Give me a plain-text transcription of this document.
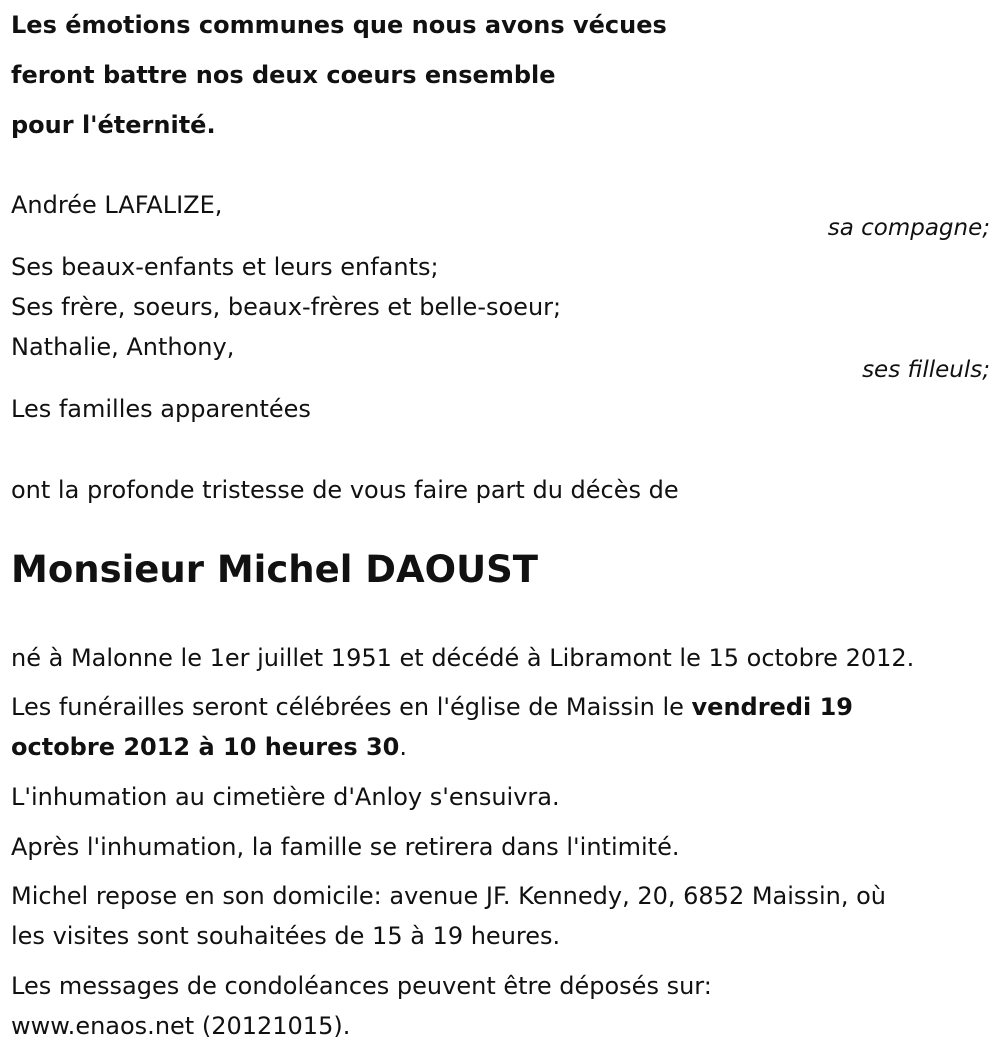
Les émotions communes que nous avons vécues
feront battre nos deux coeurs ensemble
pour l'éternité.
Andrée LAFALIZE,
sa compagne;
Ses beaux-enfants et leurs enfants;
Ses frère, soeurs, beaux-frères et belle-soeur;
Nathalie, Anthony,
ses filleuls;
Les familles apparentées
ont la profonde tristesse de vous faire part du décès de
Monsieur Michel DAOUST
né à Malonne le 1er juillet 1951 et décédé à Libramont le 15 octobre 2012.
Les funérailles seront célébrées en l'église de Maissin le vendredi 19
octobre 2012 à 10 heures 30.
L'inhumation au cimetière d'Anloy s'ensuivra.
Après l'inhumation, la famille se retirera dans l'intimité.
Michel repose en son domicile: avenue JF. Kennedy, 20, 6852 Maissin, où
les visites sont souhaitées de 15 à 19 heures.
Les messages de condoléances peuvent être déposés sur:
www.enaos.net (20121015).
